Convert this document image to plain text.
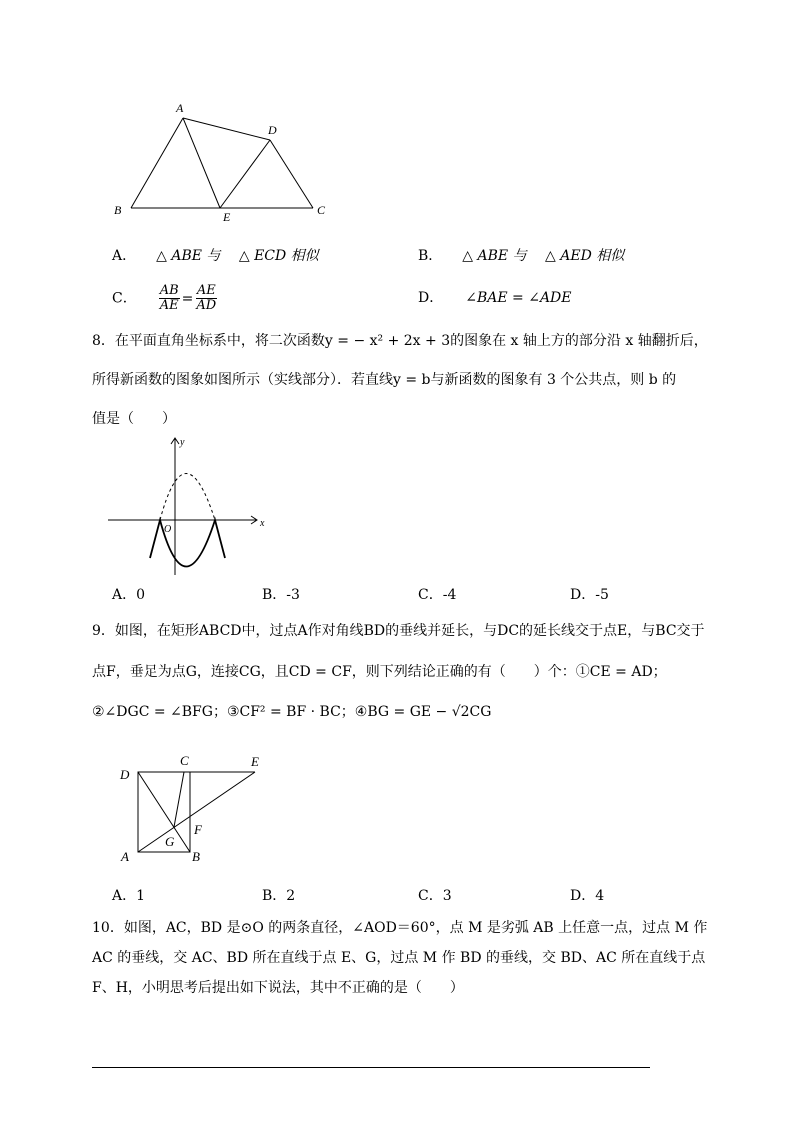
A
D
B	E	C
A． △ ABE 与 　△ ECD 相似	B． △ ABE 与 　△ AED 相似
C． $\frac{AB}{AE} = \frac{AE}{AD}$	D． ∠BAE = ∠ADE
8．在平面直角坐标系中，将二次函数y = − x² + 2x + 3的图象在 x 轴上方的部分沿 x 轴翻折后，
所得新函数的图象如图所示（实线部分）．若直线y = b与新函数的图象有 3 个公共点，则 b 的
值是（　　）
y
x
O
A．0	B．-3	C．-4	D．-5
9．如图，在矩形ABCD中，过点A作对角线BD的垂线并延长，与DC的延长线交于点E，与BC交于
点F，垂足为点G，连接CG，且CD = CF，则下列结论正确的有（　　）个：①CE = AD；
②∠DGC = ∠BFG；③CF² = BF · BC；④BG = GE − √2CG
D
C	E
F
G
A	B
A．1	B．2	C．3	D．4
10．如图，AC，BD 是⊙O 的两条直径，∠AOD＝60°，点 M 是劣弧 AB 上任意一点，过点 M 作
AC 的垂线，交 AC、BD 所在直线于点 E、G，过点 M 作 BD 的垂线，交 BD、AC 所在直线于点
F、H，小明思考后提出如下说法，其中不正确的是（　　）
